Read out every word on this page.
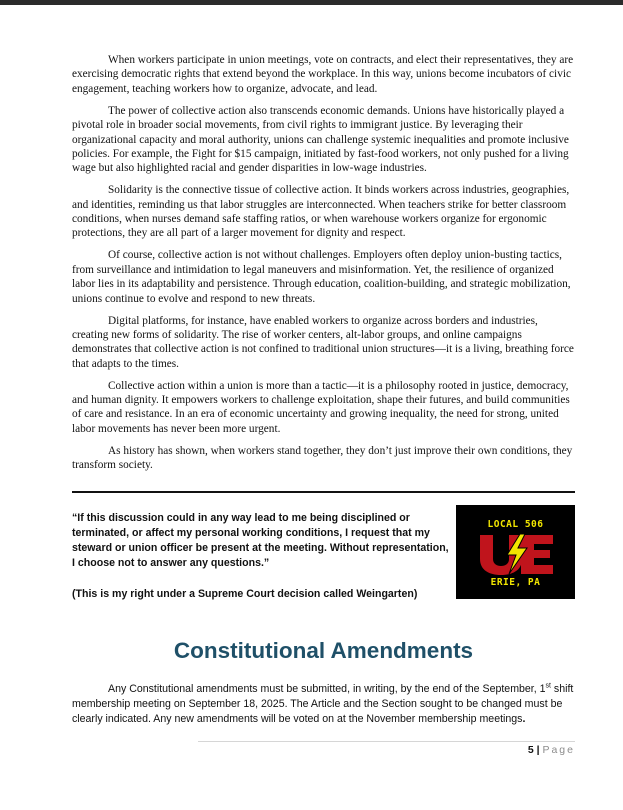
When workers participate in union meetings, vote on contracts, and elect their representatives, they are exercising democratic rights that extend beyond the workplace. In this way, unions become incubators of civic engagement, teaching workers how to organize, advocate, and lead.

The power of collective action also transcends economic demands. Unions have historically played a pivotal role in broader social movements, from civil rights to immigrant justice. By leveraging their organizational capacity and moral authority, unions can challenge systemic inequalities and promote inclusive policies. For example, the Fight for $15 campaign, initiated by fast-food workers, not only pushed for a living wage but also highlighted racial and gender disparities in low-wage industries.

Solidarity is the connective tissue of collective action. It binds workers across industries, geographies, and identities, reminding us that labor struggles are interconnected. When teachers strike for better classroom conditions, when nurses demand safe staffing ratios, or when warehouse workers organize for ergonomic protections, they are all part of a larger movement for dignity and respect.

Of course, collective action is not without challenges. Employers often deploy union-busting tactics, from surveillance and intimidation to legal maneuvers and misinformation. Yet, the resilience of organized labor lies in its adaptability and persistence. Through education, coalition-building, and strategic mobilization, unions continue to evolve and respond to new threats.

Digital platforms, for instance, have enabled workers to organize across borders and industries, creating new forms of solidarity. The rise of worker centers, alt-labor groups, and online campaigns demonstrates that collective action is not confined to traditional union structures—it is a living, breathing force that adapts to the times.

Collective action within a union is more than a tactic—it is a philosophy rooted in justice, democracy, and human dignity. It empowers workers to challenge exploitation, shape their futures, and build communities of care and resistance. In an era of economic uncertainty and growing inequality, the need for strong, united labor movements has never been more urgent.

As history has shown, when workers stand together, they don’t just improve their own conditions, they transform society.

“If this discussion could in any way lead to me being disciplined or terminated, or affect my personal working conditions, I request that my steward or union officer be present at the meeting. Without representation, I choose not to answer any questions.”
(This is my right under a Supreme Court decision called Weingarten)
LOCAL 506
ERIE, PA
Constitutional Amendments
Any Constitutional amendments must be submitted, in writing, by the end of the September, 1st shift membership meeting on September 18, 2025. The Article and the Section sought to be changed must be clearly indicated. Any new amendments will be voted on at the November membership meetings.
5 | Page
